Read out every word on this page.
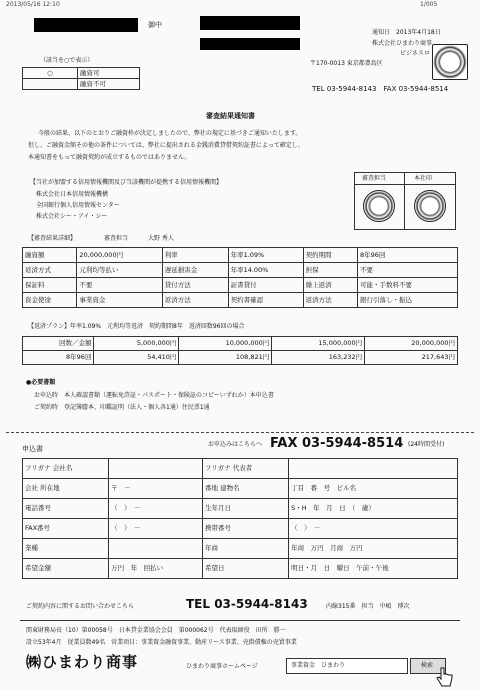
2013/05/16 12:10	1/005
御中
（該当を○で表示）
○	融資可
	融資不可
通知日　2013年4月18日
株式会社ひまわり商事
ビジネスロ
〒170-0013 東京都豊島区
TEL 03-5944-8143　FAX 03-5944-8514
審査結果通知書
今般の結果、以下のとおりご融資枠が決定しましたので、弊社の規定に基づきご通知いたします。
但し、ご融資金額その他の条件については、弊社に提出される金銭消費貸借契約証書によって確定し、
本通知書をもって融資契約が成立するものではありません。
【当社が加盟する信用情報機関及び当該機関が提携する信用情報機関】
株式会社日本信用情報機構
全国銀行個人信用情報センター
株式会社シー・アイ・シー
審査担当	本社印
【審査結果詳細】	審査担当	大野 秀人
融資額	20,000,000円	利率	年率1.09%	契約期間	8年96回
返済方式	元利均等払い	遅延損害金	年率14.00%	担保	不要
保証料	不要	貸付方法	証書貸付	繰上返済	可能・手数料不要
資金使途	事業資金	返済方法	契約書確認	返済方法	銀行引落し・振込
【返済プラン】年率1.09%　元利均等返済　契約期間8年　返済回数96回の場合
回数／金額	5,000,000円	10,000,000円	15,000,000円	20,000,000円
8年96回	54,410円	108,821円	163,232円	217,643円
●必要書類
お申込時　本人確認書類（運転免許証・パスポート・保険証のコピーいずれか）本申込書
ご契約時　登記簿謄本、印鑑証明（法人・個人各1通）住民票1通
申込書
お申込みはこちらへ FAX 03-5944-8514 (24時間受付)
フリガナ 会社名		フリガナ 代表者	
会社 所在地	〒　－	番地 建物名	丁目　番　号　ビル名
電話番号	（　）　－	生年月日	S・H　年　月　日　（　歳）
FAX番号	（　）　－	携帯番号	（　）　－
業種		年商	年商　万円　月商　万円
希望金額	万円　年　回払い	希望日	明日・月　日　曜日　午前・午後
ご契約内容に関するお問い合わせこちら	TEL 03-5944-8143	内線315番　担当　中嶋　博次
関東財務局長（10）第00058号　日本貸金業協会会員　第000062号　代表取締役　田所　勝一
設立53年4月　従業員数49名　営業項目：事業資金融資事業、動産リース事業、売掛債権の売買事業
㈱ひまわり商事	ひまわり商事ホームページ	事業資金　ひまわり	検索
